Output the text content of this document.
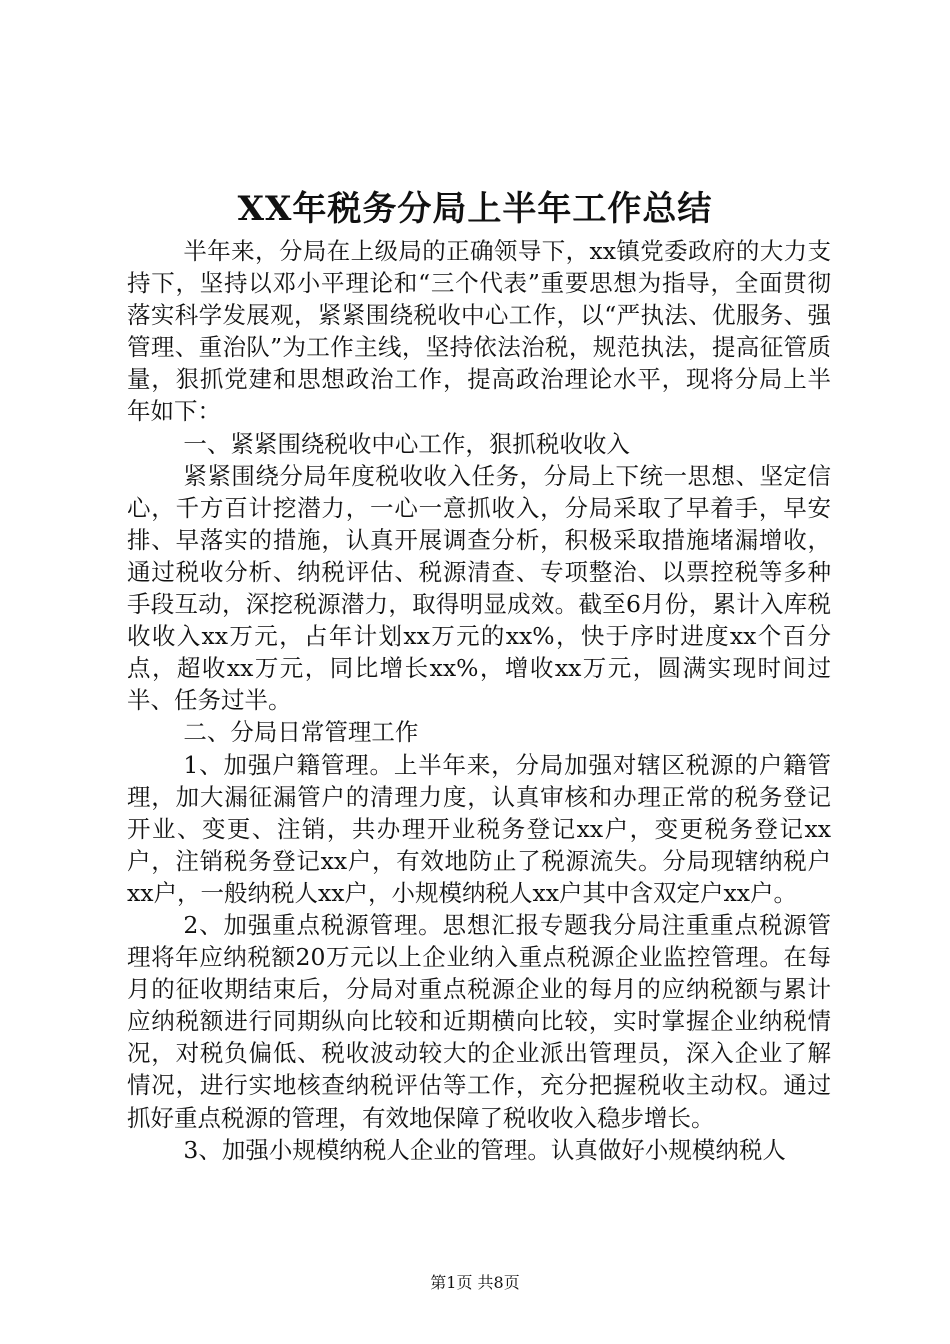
XX年税务分局上半年工作总结

半年来，分局在上级局的正确领导下，xx镇党委政府的大力支持下，坚持以邓小平理论和“三个代表”重要思想为指导，全面贯彻落实科学发展观，紧紧围绕税收中心工作，以“严执法、优服务、强管理、重治队”为工作主线，坚持依法治税，规范执法，提高征管质量，狠抓党建和思想政治工作，提高政治理论水平，现将分局上半年如下：

一、紧紧围绕税收中心工作，狠抓税收收入

紧紧围绕分局年度税收收入任务，分局上下统一思想、坚定信心，千方百计挖潜力，一心一意抓收入，分局采取了早着手，早安排、早落实的措施，认真开展调查分析，积极采取措施堵漏增收，通过税收分析、纳税评估、税源清查、专项整治、以票控税等多种手段互动，深挖税源潜力，取得明显成效。截至6月份，累计入库税收收入xx万元，占年计划xx万元的xx%，快于序时进度xx个百分点，超收xx万元，同比增长xx%，增收xx万元，圆满实现时间过半、任务过半。

二、分局日常管理工作

1、加强户籍管理。上半年来，分局加强对辖区税源的户籍管理，加大漏征漏管户的清理力度，认真审核和办理正常的税务登记开业、变更、注销，共办理开业税务登记xx户，变更税务登记xx户，注销税务登记xx户，有效地防止了税源流失。分局现辖纳税户xx户，一般纳税人xx户，小规模纳税人xx户其中含双定户xx户。

2、加强重点税源管理。思想汇报专题我分局注重重点税源管理将年应纳税额20万元以上企业纳入重点税源企业监控管理。在每月的征收期结束后，分局对重点税源企业的每月的应纳税额与累计应纳税额进行同期纵向比较和近期横向比较，实时掌握企业纳税情况，对税负偏低、税收波动较大的企业派出管理员，深入企业了解情况，进行实地核查纳税评估等工作，充分把握税收主动权。通过抓好重点税源的管理，有效地保障了税收收入稳步增长。

3、加强小规模纳税人企业的管理。认真做好小规模纳税人

第1页 共8页
